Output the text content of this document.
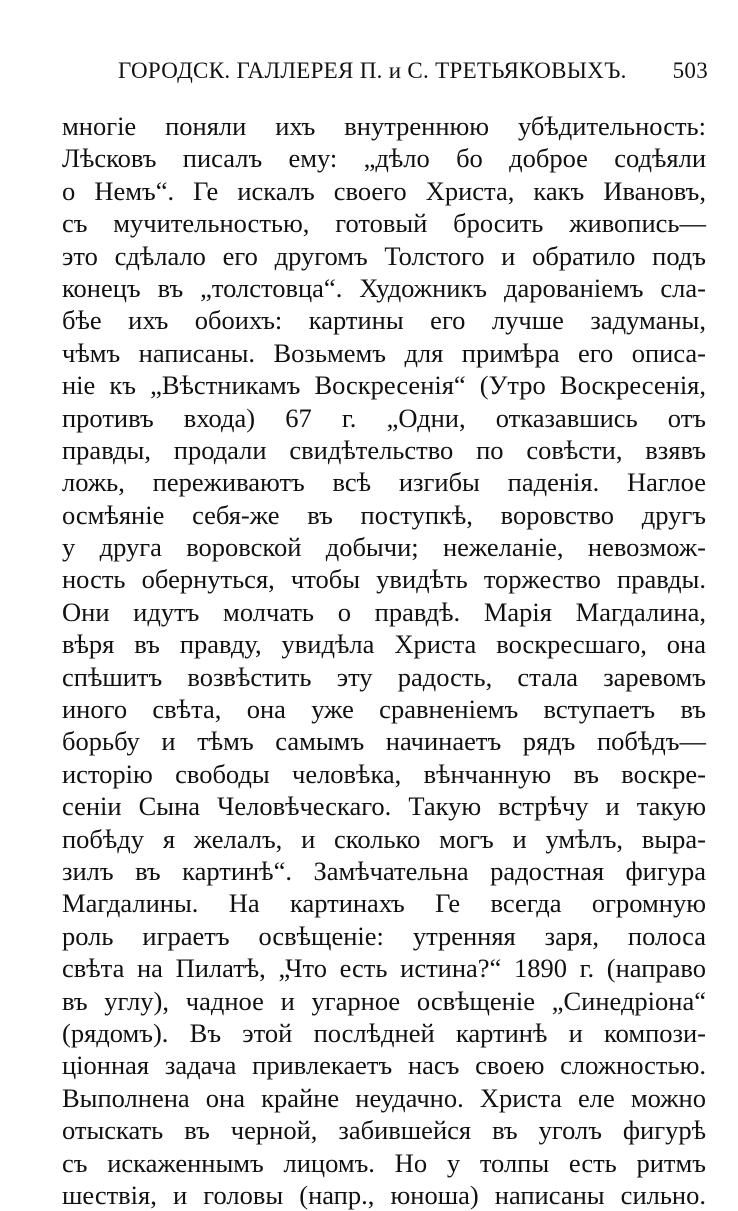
ГОРОДСК. ГАЛЛЕРЕЯ П. и С. ТРЕТЬЯКОВЫХЪ. 503
многіе поняли ихъ внутреннюю убѣдительность:
Лѣсковъ писалъ ему: „дѣло бо доброе содѣяли
о Немъ“. Ге искалъ своего Христа, какъ Ивановъ,
съ мучительностью, готовый бросить живопись—
это сдѣлало его другомъ Толстого и обратило подъ
конецъ въ „толстовца“. Художникъ дарованіемъ сла-
бѣе ихъ обоихъ: картины его лучше задуманы,
чѣмъ написаны. Возьмемъ для примѣра его описа-
ніе къ „Вѣстникамъ Воскресенія“ (Утро Воскресенія,
противъ входа) 67 г. „Одни, отказавшись отъ
правды, продали свидѣтельство по совѣсти, взявъ
ложь, переживаютъ всѣ изгибы паденія. Наглое
осмѣяніе себя-же въ поступкѣ, воровство другъ
у друга воровской добычи; нежеланіе, невозмож-
ность обернуться, чтобы увидѣть торжество правды.
Они идутъ молчать о правдѣ. Марія Магдалина,
вѣря въ правду, увидѣла Христа воскресшаго, она
спѣшитъ возвѣстить эту радость, стала заревомъ
иного свѣта, она уже сравненіемъ вступаетъ въ
борьбу и тѣмъ самымъ начинаетъ рядъ побѣдъ—
исторію свободы человѣка, вѣнчанную въ воскре-
сеніи Сына Человѣческаго. Такую встрѣчу и такую
побѣду я желалъ, и сколько могъ и умѣлъ, выра-
зилъ въ картинѣ“. Замѣчательна радостная фигура
Магдалины. На картинахъ Ге всегда огромную
роль играетъ освѣщеніе: утренняя заря, полоса
свѣта на Пилатѣ, „Что есть истина?“ 1890 г. (направо
въ углу), чадное и угарное освѣщеніе „Синедріона“
(рядомъ). Въ этой послѣдней картинѣ и компози-
ціонная задача привлекаетъ насъ своею сложностью.
Выполнена она крайне неудачно. Христа еле можно
отыскать въ черной, забившейся въ уголъ фигурѣ
съ искаженнымъ лицомъ. Но у толпы есть ритмъ
шествія, и головы (напр., юноша) написаны сильно.
